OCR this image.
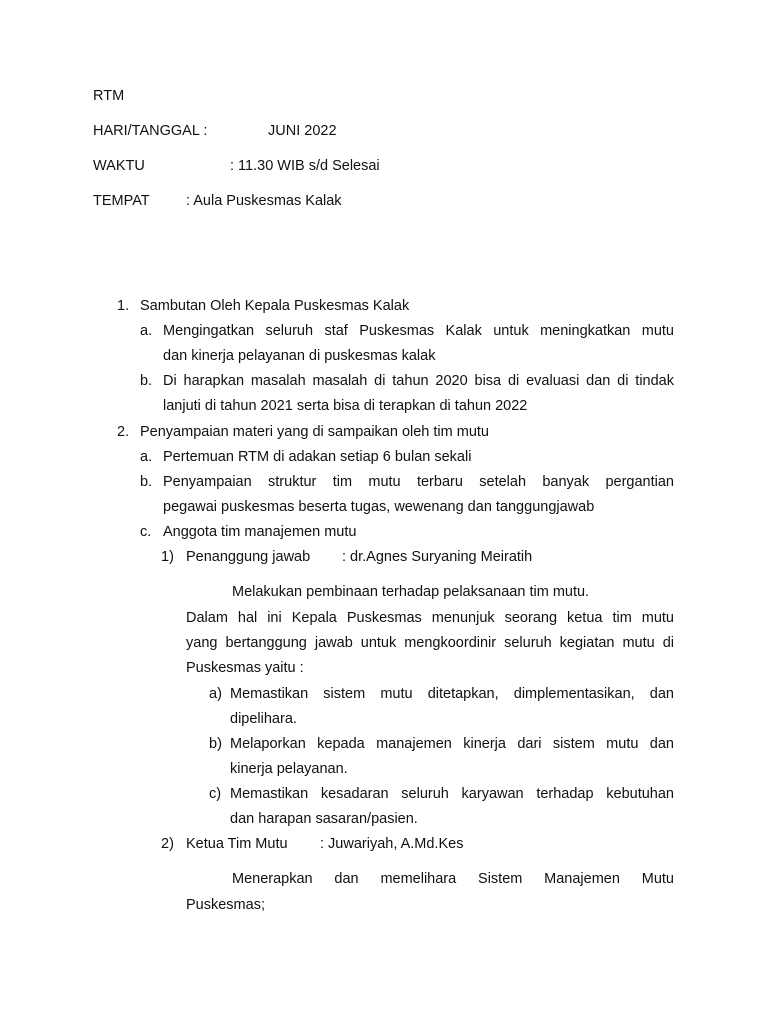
RTM
HARI/TANGGAL :	JUNI 2022
WAKTU	: 11.30 WIB s/d Selesai
TEMPAT	: Aula Puskesmas Kalak
1. Sambutan Oleh Kepala Puskesmas Kalak
a. Mengingatkan seluruh staf Puskesmas Kalak untuk meningkatkan mutu
dan kinerja pelayanan di puskesmas kalak
b. Di harapkan masalah masalah di tahun 2020 bisa di evaluasi dan di tindak
lanjuti di tahun 2021 serta bisa di terapkan di tahun 2022
2. Penyampaian materi yang di sampaikan oleh tim mutu
a. Pertemuan RTM di adakan setiap 6 bulan sekali
b. Penyampaian struktur tim mutu terbaru setelah banyak pergantian
pegawai puskesmas beserta tugas, wewenang dan tanggungjawab
c. Anggota tim manajemen mutu
1) Penanggung jawab : dr.Agnes Suryaning Meiratih
Melakukan pembinaan terhadap pelaksanaan tim mutu.
Dalam hal ini Kepala Puskesmas menunjuk seorang ketua tim mutu
yang bertanggung jawab untuk mengkoordinir seluruh kegiatan mutu di
Puskesmas yaitu :
a) Memastikan sistem mutu ditetapkan, dimplementasikan, dan
dipelihara.
b) Melaporkan kepada manajemen kinerja dari sistem mutu dan
kinerja pelayanan.
c) Memastikan kesadaran seluruh karyawan terhadap kebutuhan
dan harapan sasaran/pasien.
2) Ketua Tim Mutu : Juwariyah, A.Md.Kes
Menerapkan dan memelihara Sistem Manajemen Mutu
Puskesmas;
